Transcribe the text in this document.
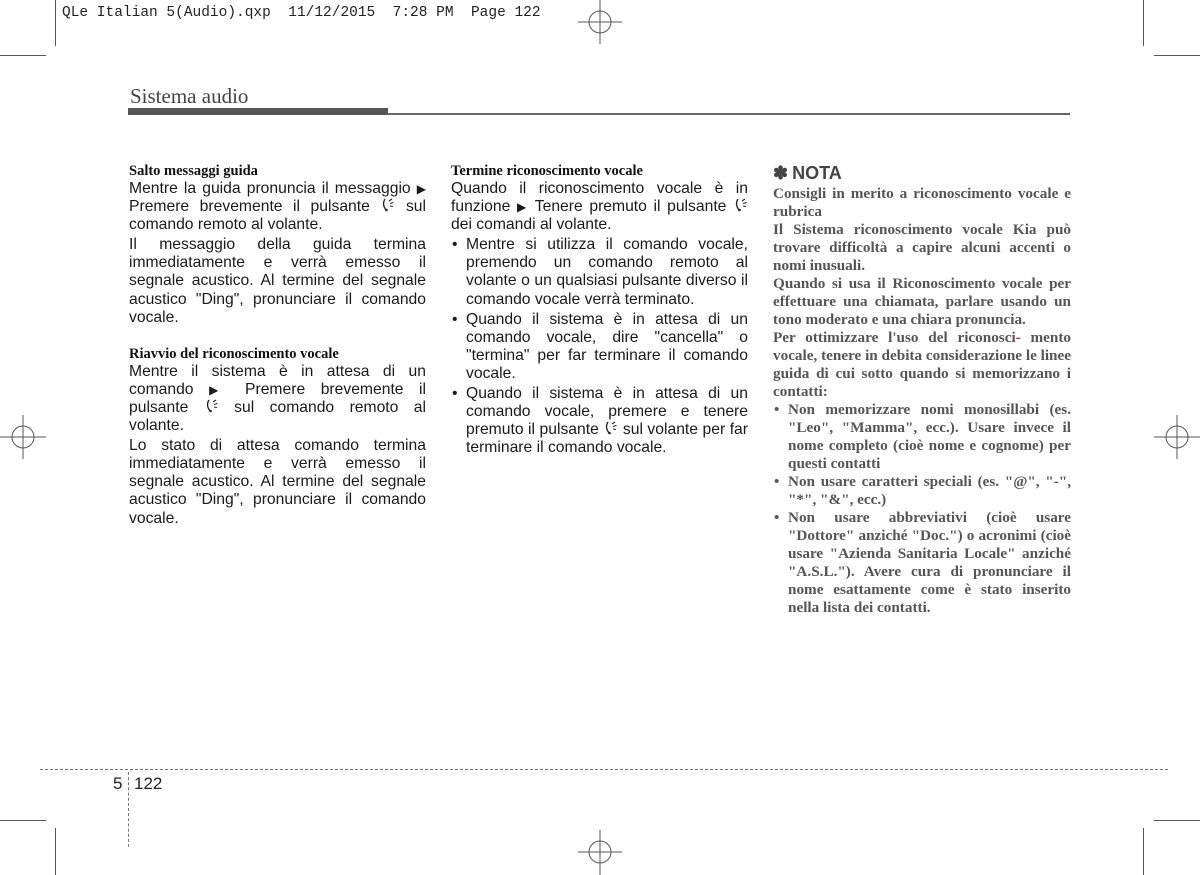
QLe Italian 5(Audio).qxp  11/12/2015  7:28 PM  Page 122
Sistema audio
Salto messaggi guida

Mentre la guida pronuncia il messaggio ▶ Premere brevemente il pulsante sul comando remoto al volante.

Il messaggio della guida termina immediatamente e verrà emesso il segnale acustico. Al termine del segnale acustico "Ding", pronunciare il comando vocale.

Riavvio del riconoscimento vocale

Mentre il sistema è in attesa di un comando ▶ Premere brevemente il pulsante	sul comando remoto al volante.

Lo stato di attesa comando termina immediatamente e verrà emesso il segnale acustico. Al termine del segnale acustico "Ding", pronunciare il comando vocale.

Termine riconoscimento vocale

Quando il riconoscimento vocale è in funzione ▶ Tenere premuto il pulsante
dei comandi al volante.

• Mentre si utilizza il comando vocale, premendo un comando remoto al volante o un qualsiasi pulsante diverso il comando vocale verrà terminato.
• Quando il sistema è in attesa di un comando vocale, dire "cancella" o "termina" per far terminare il comando vocale.
• Quando il sistema è in attesa di un comando vocale, premere e tenere premuto il pulsante sul volante per far terminare il comando vocale.
✽ NOTA

Consigli in merito a riconoscimento vocale e rubrica

Il Sistema riconoscimento vocale Kia può trovare difficoltà a capire alcuni accenti o nomi inusuali.

Quando si usa il Riconoscimento vocale per effettuare una chiamata, parlare usando un tono moderato e una chiara pronuncia.

Per ottimizzare l'uso del riconosci- mento vocale, tenere in debita considerazione le linee guida di cui sotto quando si memorizzano i contatti:

• Non memorizzare nomi monosillabi (es. "Leo", "Mamma", ecc.). Usare invece il nome completo (cioè nome e cognome) per questi contatti
• Non usare caratteri speciali (es. "@", "-", "*", "&", ecc.)
• Non usare abbreviativi (cioè usare "Dottore" anziché "Doc.") o acronimi (cioè usare "Azienda Sanitaria Locale" anziché "A.S.L."). Avere cura di pronunciare il nome esattamente come è stato inserito nella lista dei contatti.
5 122
